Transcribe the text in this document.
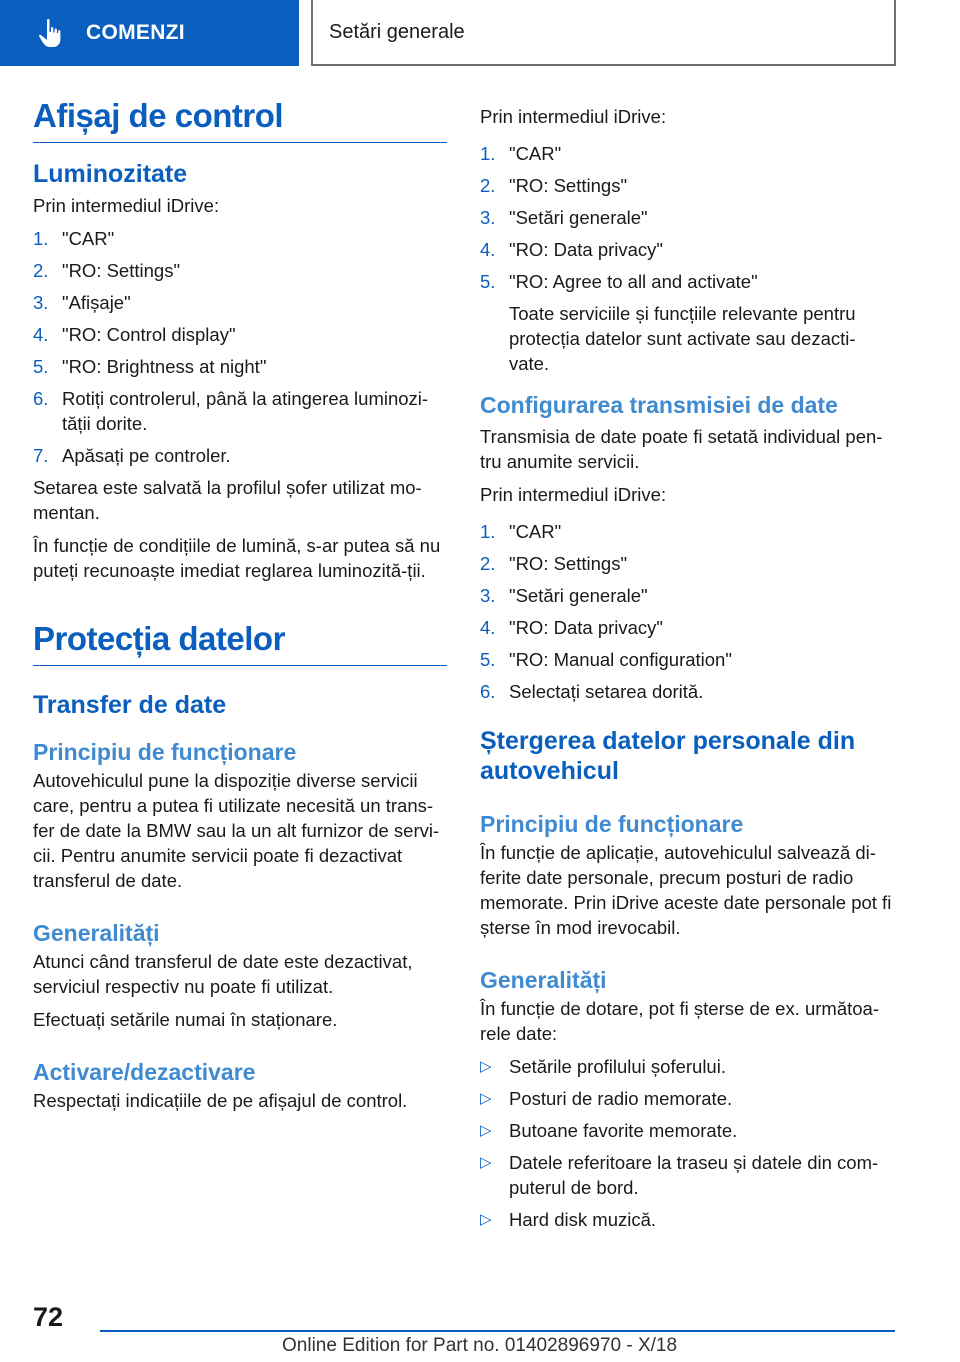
COMENZI	Setări generale
Afișaj de control
Luminozitate

Prin intermediul iDrive:

1. "CAR"
2. "RO: Settings"
3. "Afișaje"
4. "RO: Control display"
5. "RO: Brightness at night"
6. Rotiți controlerul, până la atingerea luminozi-tății dorite.
7. Apăsați pe controler.

Setarea este salvată la profilul șofer utilizat mo-mentan.

În funcție de condițiile de lumină, s-ar putea să nu puteți recunoaște imediat reglarea luminozită-ții.

Protecția datelor
Transfer de date
Principiu de funcționare

Autovehiculul pune la dispoziție diverse servicii care, pentru a putea fi utilizate necesită un trans-fer de date la BMW sau la un alt furnizor de servi-cii. Pentru anumite servicii poate fi dezactivat transferul de date.

Generalități

Atunci când transferul de date este dezactivat, serviciul respectiv nu poate fi utilizat.

Efectuați setările numai în staționare.

Activare/dezactivare

Respectați indicațiile de pe afișajul de control.

Prin intermediul iDrive:

1. "CAR"
2. "RO: Settings"
3. "Setări generale"
4. "RO: Data privacy"
5. "RO: Agree to all and activate"
Toate serviciile și funcțiile relevante pentru protecția datelor sunt activate sau dezacti-vate.
Configurarea transmisiei de date

Transmisia de date poate fi setată individual pen-tru anumite servicii.

Prin intermediul iDrive:

1. "CAR"
2. "RO: Settings"
3. "Setări generale"
4. "RO: Data privacy"
5. "RO: Manual configuration"
6. Selectați setarea dorită.
Ștergerea datelor personale din autovehicul
Principiu de funcționare

În funcție de aplicație, autovehiculul salvează di-ferite date personale, precum posturi de radio memorate. Prin iDrive aceste date personale pot fi șterse în mod irevocabil.

Generalități

În funcție de dotare, pot fi șterse de ex. următoa-rele date:

▷ Setările profilului șoferului.
▷ Posturi de radio memorate.
▷ Butoane favorite memorate.
▷ Datele referitoare la traseu și datele din com-puterul de bord.
▷ Hard disk muzică.
72
Online Edition for Part no. 01402896970 - X/18
